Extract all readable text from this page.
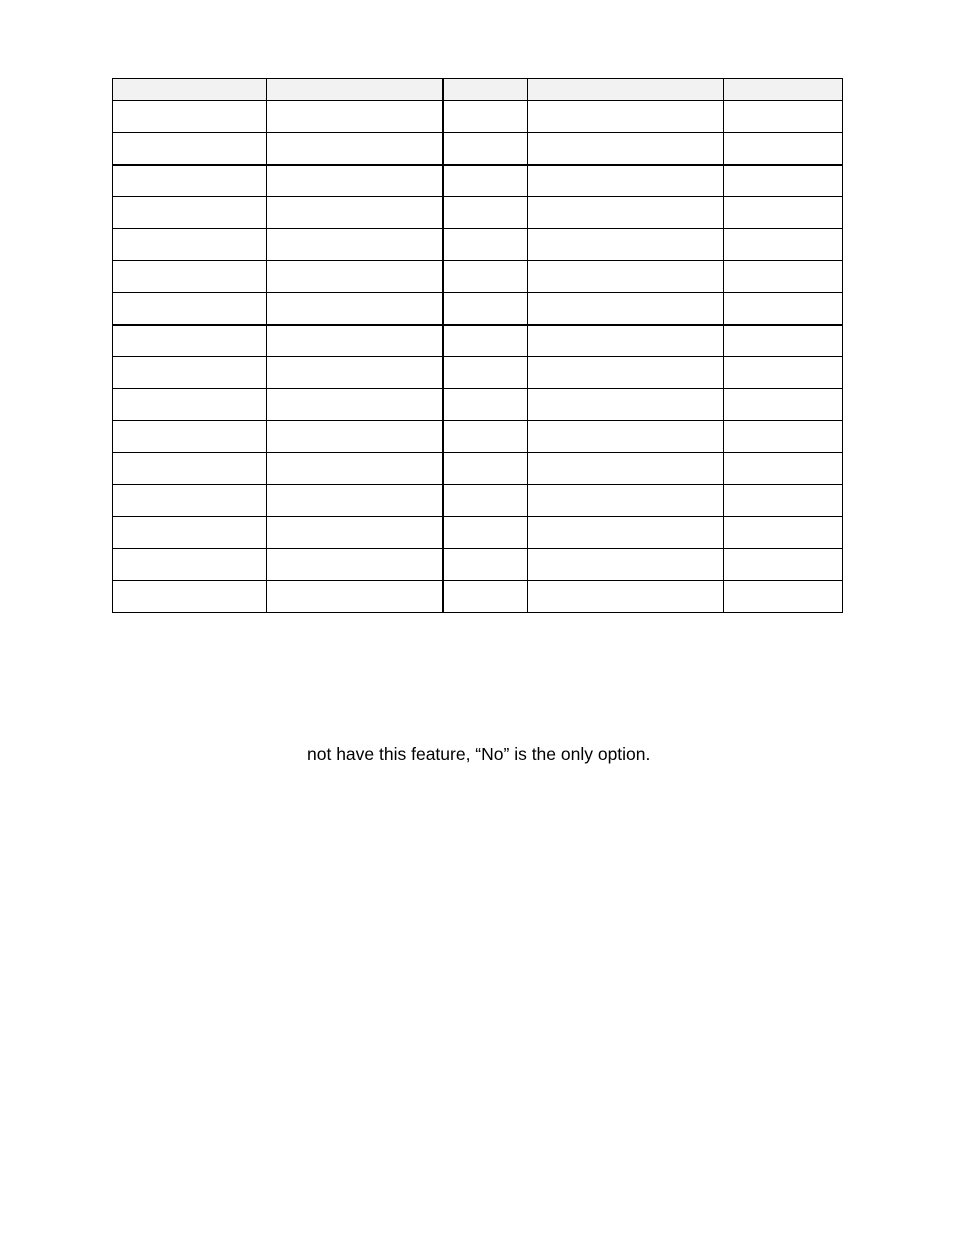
not have this feature, “No” is the only option.
